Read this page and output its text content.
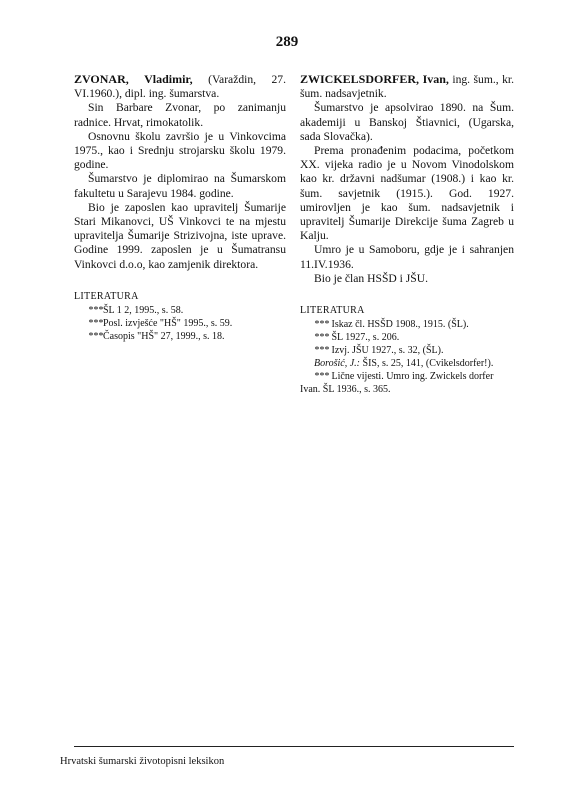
289

ZVONAR, Vladimir, (Varaždin, 27. VI.1960.), dipl. ing. šumarstva.

Sin Barbare Zvonar, po zanimanju radnice. Hrvat, rimokatolik.

Osnovnu školu završio je u Vinkovcima 1975., kao i Srednju strojarsku školu 1979. godine.

Šumarstvo je diplomirao na Šumarskom fakultetu u Sarajevu 1984. godine.

Bio je zaposlen kao upravitelj Šumarije Stari Mikanovci, UŠ Vinkovci te na mjestu upravitelja Šumarije Strizivojna, iste uprave. Godine 1999. zaposlen je u Šumatransu Vinkovci d.o.o, kao zamjenik direktora.

LITERATURA

***ŠL 1 2, 1995., s. 58.
***Posl. izvješće "HŠ" 1995., s. 59.
***Časopis "HŠ" 27, 1999., s. 18.

ZWICKELSDORFER, Ivan, ing. šum., kr. šum. nadsavjetnik.

Šumarstvo je apsolvirao 1890. na Šum. akademiji u Banskoj Štiavnici, (Ugarska, sada Slovačka).

Prema pronađenim podacima, početkom XX. vijeka radio je u Novom Vinodolskom kao kr. državni nadšumar (1908.) i kao kr. šum. savjetnik (1915.). God. 1927. umirovljen je kao šum. nadsavjetnik i upravitelj Šumarije Direkcije šuma Zagreb u Kalju.

Umro je u Samoboru, gdje je i sahranjen 11.IV.1936.

Bio je član HSŠD i JŠU.

LITERATURA

*** Iskaz čl. HSŠD 1908., 1915. (ŠL).
*** ŠL 1927., s. 206.
*** Izvj. JŠU 1927., s. 32, (ŠL).
Borošić, J.: ŠIS, s. 25, 141, (Cvikelsdorfer!).
*** Lične vijesti. Umro ing. Zwickels dorfer Ivan. ŠL 1936., s. 365.
Hrvatski šumarski životopisni leksikon
